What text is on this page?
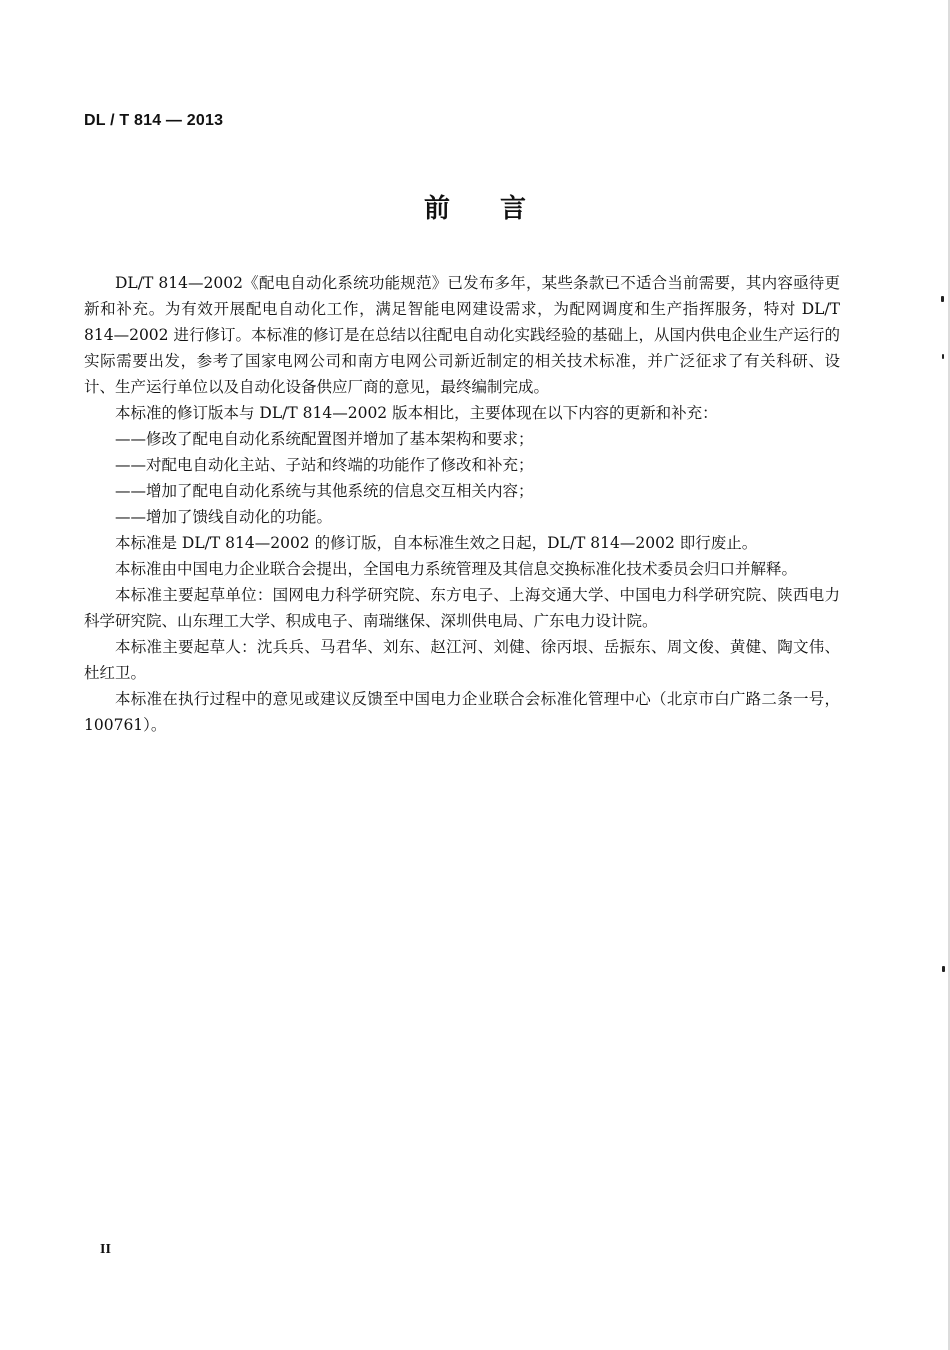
DL / T 814 — 2013
前言

DL/T 814—2002《配电自动化系统功能规范》已发布多年，某些条款已不适合当前需要，其内容亟待更新和补充。为有效开展配电自动化工作，满足智能电网建设需求，为配网调度和生产指挥服务，特对 DL/T 814—2002 进行修订。本标准的修订是在总结以往配电自动化实践经验的基础上，从国内供电企业生产运行的实际需要出发，参考了国家电网公司和南方电网公司新近制定的相关技术标准，并广泛征求了有关科研、设计、生产运行单位以及自动化设备供应厂商的意见，最终编制完成。

本标准的修订版本与 DL/T 814—2002 版本相比，主要体现在以下内容的更新和补充：

——修改了配电自动化系统配置图并增加了基本架构和要求；

——对配电自动化主站、子站和终端的功能作了修改和补充；

——增加了配电自动化系统与其他系统的信息交互相关内容；

——增加了馈线自动化的功能。

本标准是 DL/T 814—2002 的修订版，自本标准生效之日起，DL/T 814—2002 即行废止。

本标准由中国电力企业联合会提出，全国电力系统管理及其信息交换标准化技术委员会归口并解释。

本标准主要起草单位：国网电力科学研究院、东方电子、上海交通大学、中国电力科学研究院、陕西电力科学研究院、山东理工大学、积成电子、南瑞继保、深圳供电局、广东电力设计院。

本标准主要起草人：沈兵兵、马君华、刘东、赵江河、刘健、徐丙垠、岳振东、周文俊、黄健、陶文伟、杜红卫。

本标准在执行过程中的意见或建议反馈至中国电力企业联合会标准化管理中心（北京市白广路二条一号，100761）。

II
